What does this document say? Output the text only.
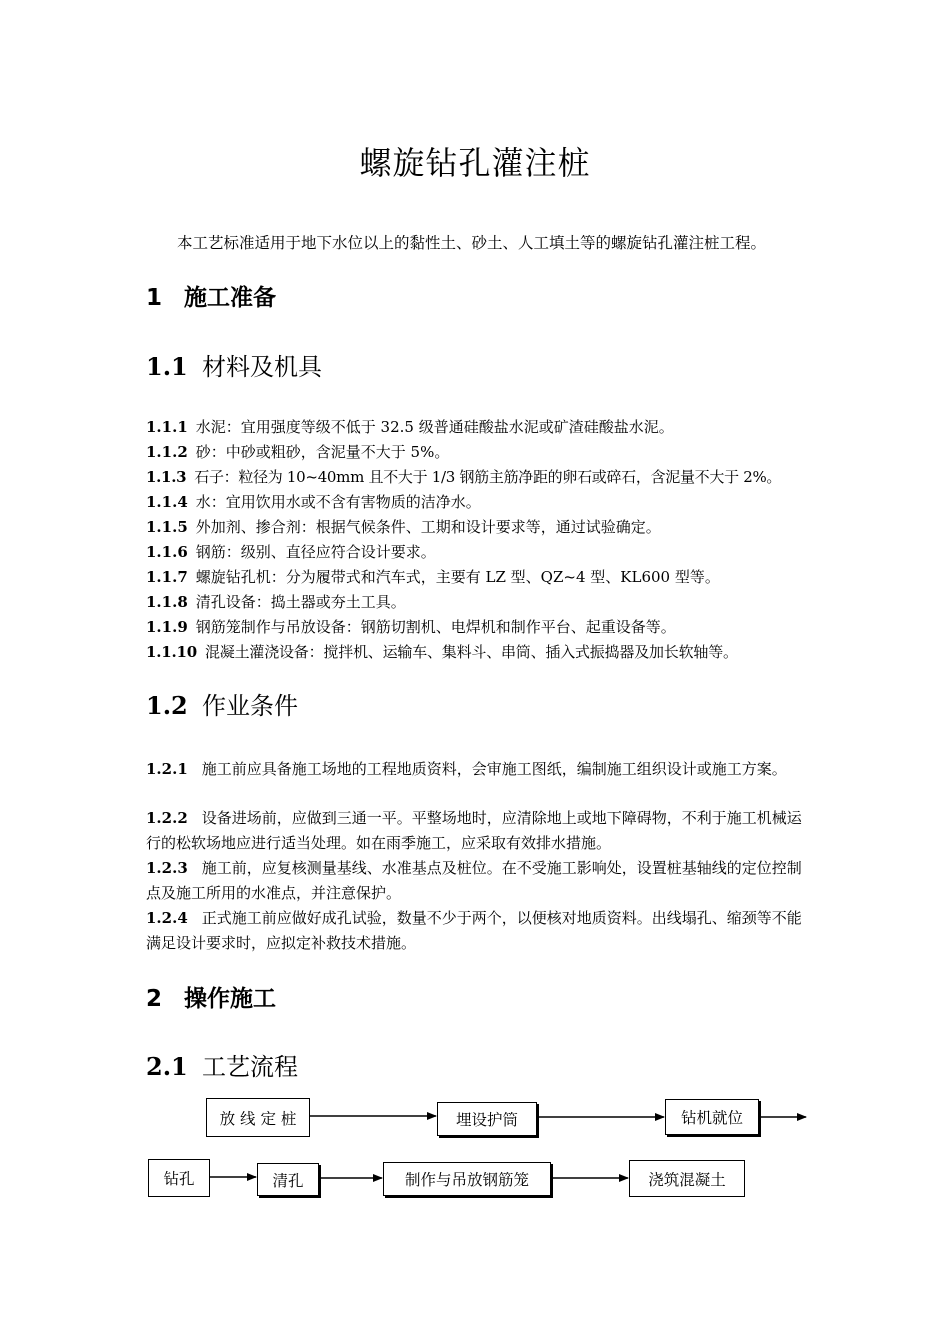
螺旋钻孔灌注桩
本工艺标准适用于地下水位以上的黏性土、砂土、人工填土等的螺旋钻孔灌注桩工程。
1 施工准备
1.1 材料及机具
1.1.1 水泥：宜用强度等级不低于 32.5 级普通硅酸盐水泥或矿渣硅酸盐水泥。
1.1.2 砂：中砂或粗砂，含泥量不大于 5%。
1.1.3 石子：粒径为 10~40mm 且不大于 1/3 钢筋主筋净距的卵石或碎石，含泥量不大于 2%。
1.1.4 水：宜用饮用水或不含有害物质的洁净水。
1.1.5 外加剂、掺合剂：根据气候条件、工期和设计要求等，通过试验确定。
1.1.6 钢筋：级别、直径应符合设计要求。
1.1.7 螺旋钻孔机：分为履带式和汽车式，主要有 LZ 型、QZ~4 型、KL600 型等。
1.1.8 清孔设备：捣土器或夯土工具。
1.1.9 钢筋笼制作与吊放设备：钢筋切割机、电焊机和制作平台、起重设备等。
1.1.10 混凝土灌浇设备：搅拌机、运输车、集料斗、串筒、插入式振捣器及加长软轴等。
1.2 作业条件
1.2.1 施工前应具备施工场地的工程地质资料，会审施工图纸，编制施工组织设计或施工方案。
1.2.2 设备进场前，应做到三通一平。平整场地时，应清除地上或地下障碍物，不利于施工机械运行的松软场地应进行适当处理。如在雨季施工，应采取有效排水措施。
1.2.3 施工前，应复核测量基线、水准基点及桩位。在不受施工影响处，设置桩基轴线的定位控制点及施工所用的水准点，并注意保护。
1.2.4 正式施工前应做好成孔试验，数量不少于两个，以便核对地质资料。出线塌孔、缩颈等不能满足设计要求时，应拟定补救技术措施。
2 操作施工
2.1 工艺流程
放 线 定 桩	埋设护筒	钻机就位
钻孔	清孔	制作与吊放钢筋笼	浇筑混凝土
